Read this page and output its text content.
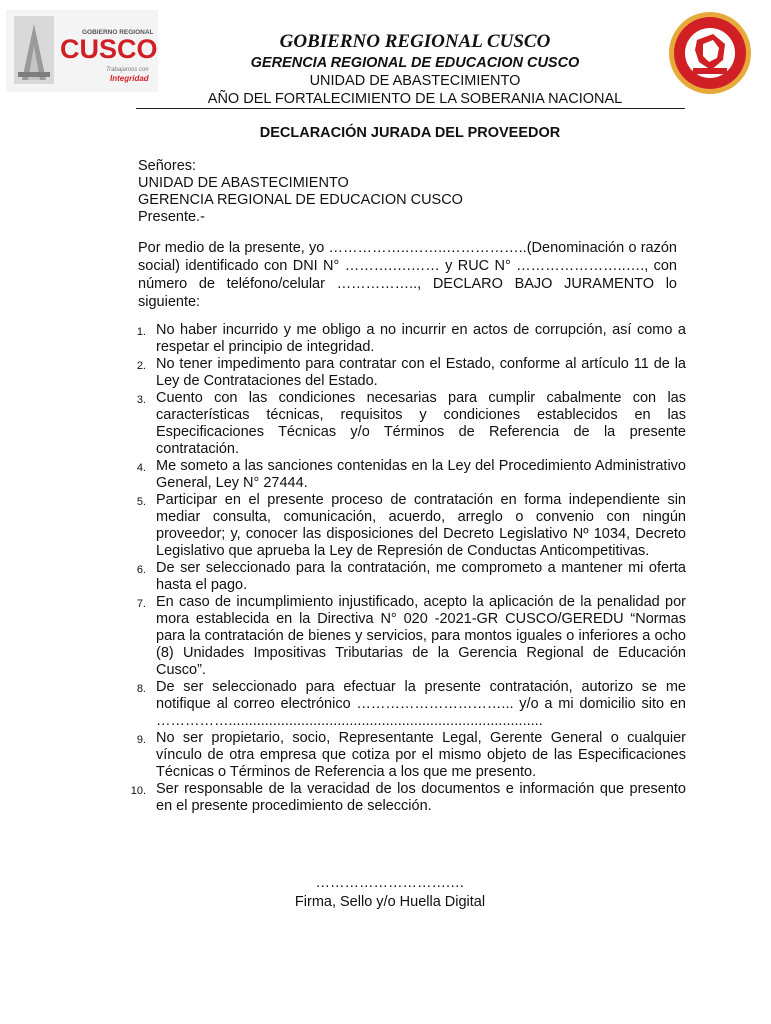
GOBIERNO REGIONAL
CUSCO
Trabajamos con
Integridad
GOBIERNO REGIONAL CUSCO
GERENCIA REGIONAL DE EDUCACION CUSCO
UNIDAD DE ABASTECIMIENTO
AÑO DEL FORTALECIMIENTO DE LA SOBERANIA NACIONAL
DECLARACIÓN JURADA DEL PROVEEDOR
Señores:
UNIDAD DE ABASTECIMIENTO
GERENCIA REGIONAL DE EDUCACION CUSCO
Presente.-
Por medio de la presente, yo ……………..……..……………..(Denominación o razón social) identificado con DNI N° ……….….…… y RUC N° …………………..…., con número de teléfono/celular …………….., DECLARO BAJO JURAMENTO lo siguiente:
1. No haber incurrido y me obligo a no incurrir en actos de corrupción, así como a respetar el principio de integridad.
2. No tener impedimento para contratar con el Estado, conforme al artículo 11 de la Ley de Contrataciones del Estado.
3. Cuento con las condiciones necesarias para cumplir cabalmente con las características técnicas, requisitos y condiciones establecidos en las Especificaciones Técnicas y/o Términos de Referencia de la presente contratación.
4. Me someto a las sanciones contenidas en la Ley del Procedimiento Administrativo General, Ley N° 27444.
5. Participar en el presente proceso de contratación en forma independiente sin mediar consulta, comunicación, acuerdo, arreglo o convenio con ningún proveedor; y, conocer las disposiciones del Decreto Legislativo Nº 1034, Decreto Legislativo que aprueba la Ley de Represión de Conductas Anticompetitivas.
6. De ser seleccionado para la contratación, me comprometo a mantener mi oferta hasta el pago.
7. En caso de incumplimiento injustificado, acepto la aplicación de la penalidad por mora establecida en la Directiva N° 020 -2021-GR CUSCO/GEREDU “Normas para la contratación de bienes y servicios, para montos iguales o inferiores a ocho (8) Unidades Impositivas Tributarias de la Gerencia Regional de Educación Cusco”.
8. De ser seleccionado para efectuar la presente contratación, autorizo se me notifique al correo electrónico …………………………... y/o a mi domicilio sito en ……………..............................................................................
9. No ser propietario, socio, Representante Legal, Gerente General o cualquier vínculo de otra empresa que cotiza por el mismo objeto de las Especificaciones Técnicas o Términos de Referencia a los que me presento.
10. Ser responsable de la veracidad de los documentos e información que presento en el presente procedimiento de selección.
……………………….…
Firma, Sello y/o Huella Digital
